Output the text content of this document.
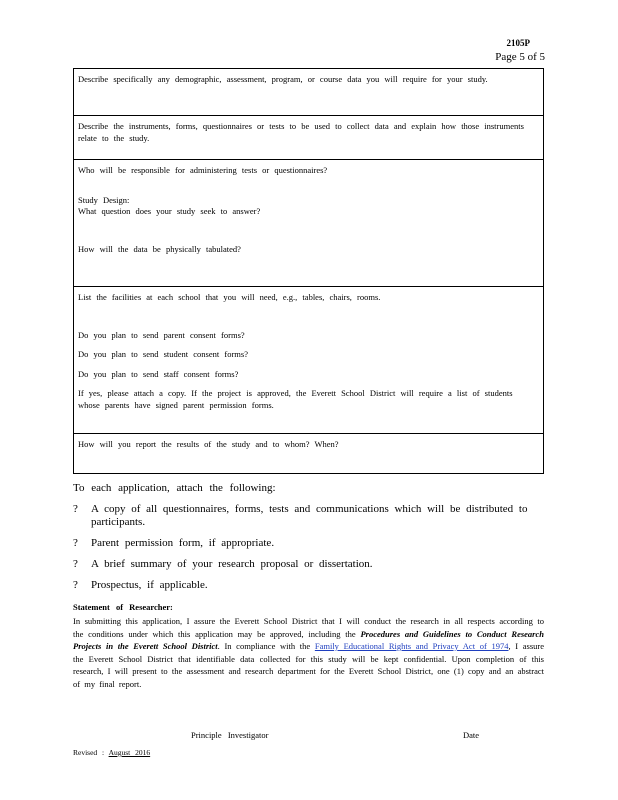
2105P
Page 5 of 5

Describe specifically any demographic, assessment, program, or course data you will require for your study.

Describe the instruments, forms, questionnaires or tests to be used to collect data and explain how those instruments relate to the study.

Who will be responsible for administering tests or questionnaires?

Study Design:

What question does your study seek to answer?

How will the data be physically tabulated?

List the facilities at each school that you will need, e.g., tables, chairs, rooms.

Do you plan to send parent consent forms?

Do you plan to send student consent forms?

Do you plan to send staff consent forms?

If yes, please attach a copy. If the project is approved, the Everett School District will require a list of students whose parents have signed parent permission forms.

How will you report the results of the study and to whom? When?

To each application, attach the following:
?	A copy of all questionnaires, forms, tests and communications which will be distributed to participants.
?	Parent permission form, if appropriate.
?	A brief summary of your research proposal or dissertation.
?	Prospectus, if applicable.
Statement of Researcher:
In submitting this application, I assure the Everett School District that I will conduct the research in all respects according to the conditions under which this application may be approved, including the Procedures and Guidelines to Conduct Research Projects in the Everett School District. In compliance with the Family Educational Rights and Privacy Act of 1974, I assure the Everett School District that identifiable data collected for this study will be kept confidential. Upon completion of this research, I will present to the assessment and research department for the Everett School District, one (1) copy and an abstract of my final report.
Principle Investigator	Date
Revised : August 2016
